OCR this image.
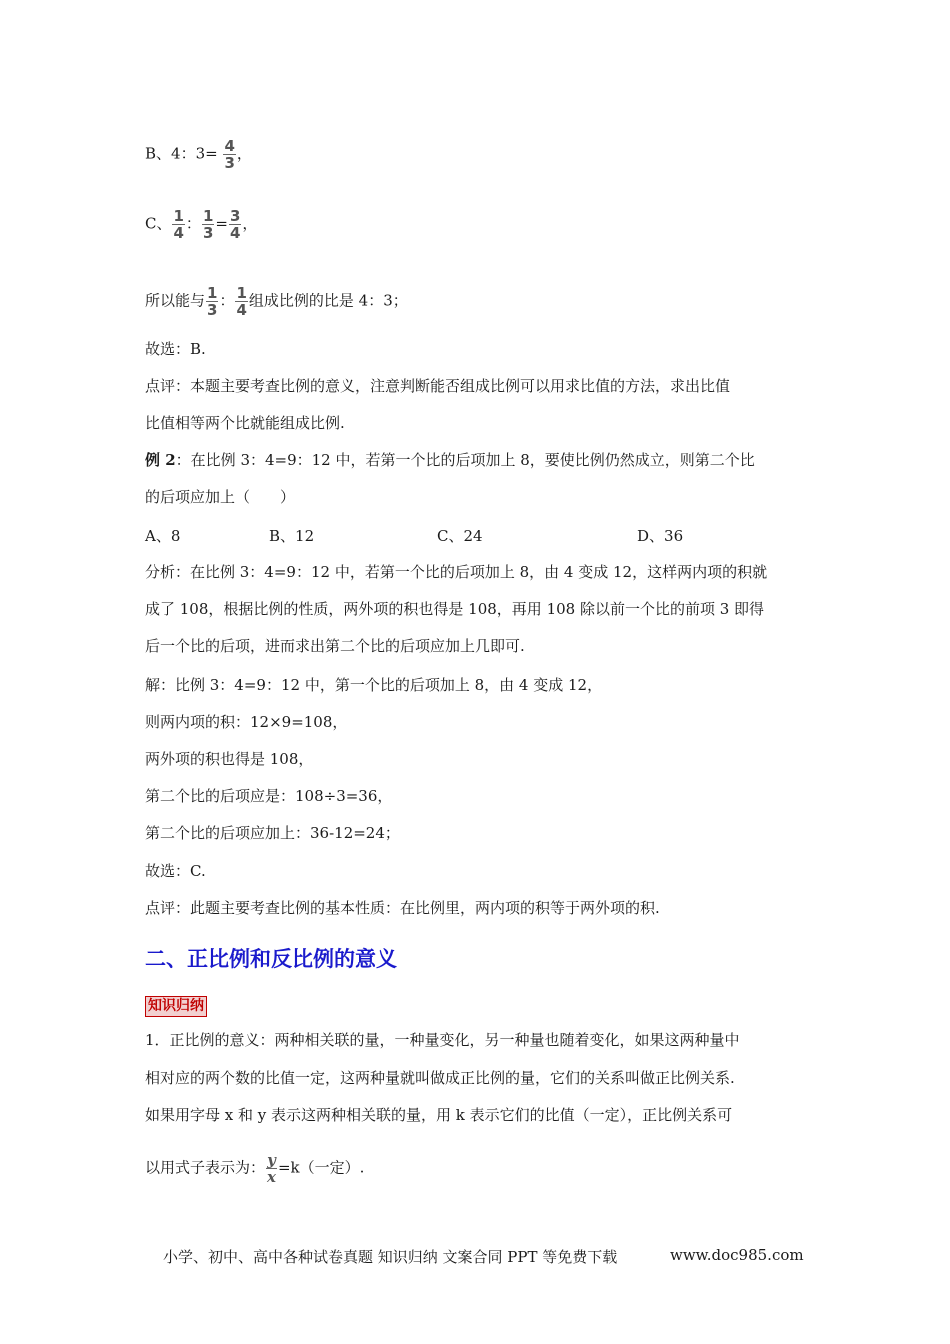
B、4：$3= \frac{4}{3}$ ，
C、 $\frac{1}{4}$ ： $\frac{1}{3} = \frac{3}{4}$ ，
所以能与 $\frac{1}{3}$ ： $\frac{1}{4}$ 组成比例的比是 4：3；
故选：B.
点评：本题主要考查比例的意义，注意判断能否组成比例可以用求比值的方法，求出比值
比值相等两个比就能组成比例.
例 2：在比例 3：4=9：12 中，若第一个比的后项加上 8，要使比例仍然成立，则第二个比
的后项应加上（　　）
A、8	B、12	C、24	D、36
分析：在比例 3：4=9：12 中，若第一个比的后项加上 8，由 4 变成 12，这样两内项的积就
成了 108，根据比例的性质，两外项的积也得是 108，再用 108 除以前一个比的前项 3 即得
后一个比的后项，进而求出第二个比的后项应加上几即可.
解：比例 3：4=9：12 中，第一个比的后项加上 8，由 4 变成 12，
则两内项的积：12×9=108，
两外项的积也得是 108，
第二个比的后项应是：108÷3=36，
第二个比的后项应加上：36-12=24；
故选：C.
点评：此题主要考查比例的基本性质：在比例里，两内项的积等于两外项的积.
二、正比例和反比例的意义
知识归纳
1．正比例的意义：两种相关联的量，一种量变化，另一种量也随着变化，如果这两种量中
相对应的两个数的比值一定，这两种量就叫做成正比例的量，它们的关系叫做正比例关系.
如果用字母 x 和 y 表示这两种相关联的量，用 k 表示它们的比值（一定），正比例关系可
以用式子表示为： $\frac{y}{x} =k$（一定）.
小学、初中、高中各种试卷真题 知识归纳 文案合同 PPT 等免费下载	www.doc985.com
